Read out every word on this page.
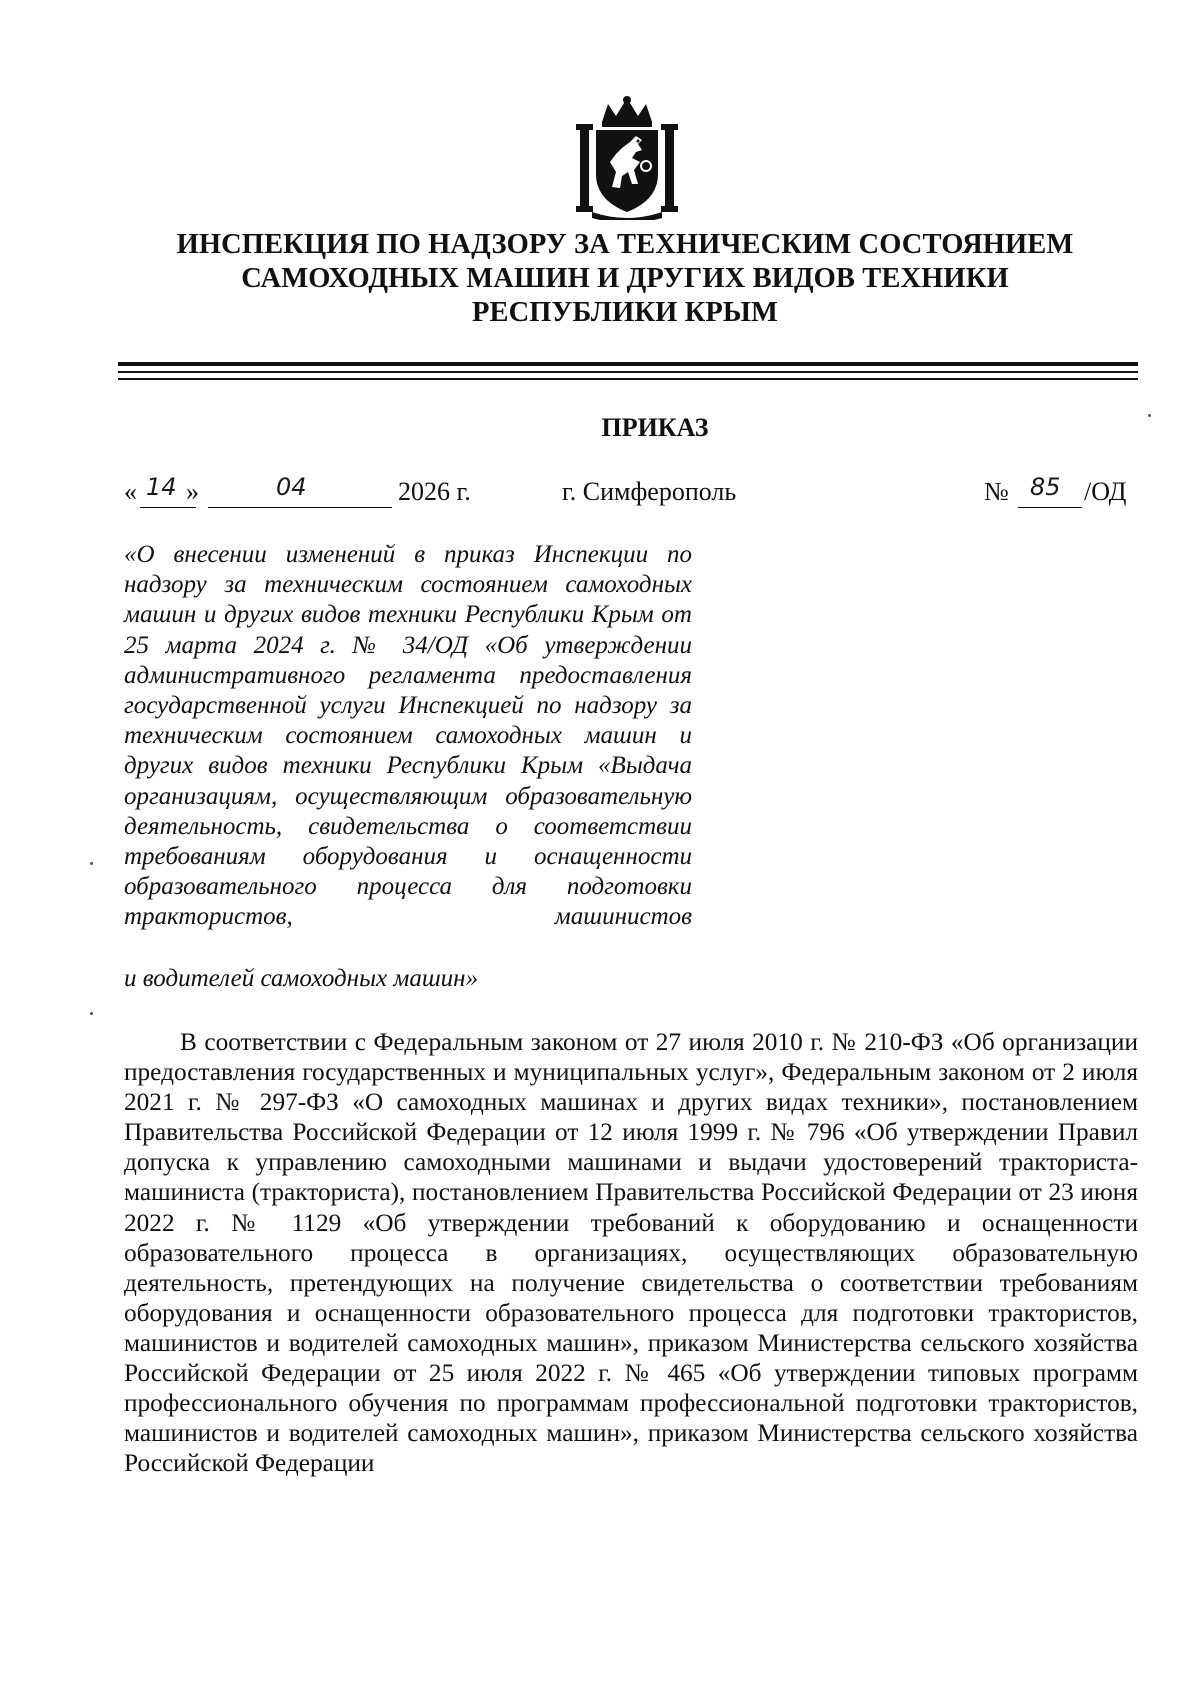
ИНСПЕКЦИЯ ПО НАДЗОРУ ЗА ТЕХНИЧЕСКИМ СОСТОЯНИЕМ
САМОХОДНЫХ МАШИН И ДРУГИХ ВИДОВ ТЕХНИКИ
РЕСПУБЛИКИ КРЫМ
ПРИКАЗ
« 14 »	04	2026 г.	г. Симферополь	№ 85 /ОД
«О внесении изменений в приказ Инспекции по надзору за техническим состоянием самоходных машин и других видов техники Республики Крым от 25 марта 2024 г. № 34/ОД «Об утверждении административного регламента предоставления государственной услуги Инспекцией по надзору за техническим состоянием самоходных машин и других видов техники Республики Крым «Выдача организациям, осуществляющим образовательную деятельность, свидетельства о соответствии требованиям оборудования и оснащенности образовательного процесса для подготовки трактористов, машинистов
и водителей самоходных машин»
В соответствии с Федеральным законом от 27 июля 2010 г. № 210-ФЗ «Об организации предоставления государственных и муниципальных услуг», Федеральным законом от 2 июля 2021 г. № 297-ФЗ «О самоходных машинах и других видах техники», постановлением Правительства Российской Федерации от 12 июля 1999 г. № 796 «Об утверждении Правил допуска к управлению самоходными машинами и выдачи удостоверений тракториста-машиниста (тракториста), постановлением Правительства Российской Федерации от 23 июня 2022 г. № 1129 «Об утверждении требований к оборудованию и оснащенности образовательного процесса в организациях, осуществляющих образовательную деятельность, претендующих на получение свидетельства о соответствии требованиям оборудования и оснащенности образовательного процесса для подготовки трактористов, машинистов и водителей самоходных машин», приказом Министерства сельского хозяйства Российской Федерации от 25 июля 2022 г. № 465 «Об утверждении типовых программ профессионального обучения по программам профессиональной подготовки трактористов, машинистов и водителей самоходных машин», приказом Министерства сельского хозяйства Российской Федерации
